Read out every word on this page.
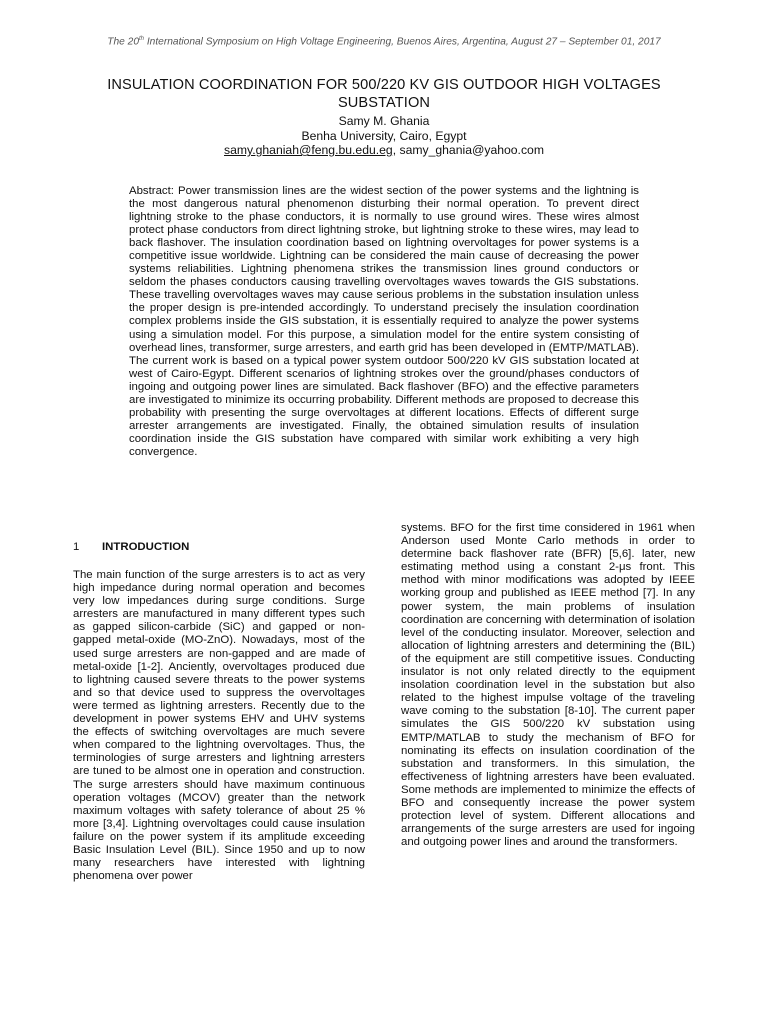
The 20th International Symposium on High Voltage Engineering, Buenos Aires, Argentina, August 27 – September 01, 2017
INSULATION COORDINATION FOR 500/220 KV GIS OUTDOOR HIGH VOLTAGES SUBSTATION
Samy M. Ghania
Benha University, Cairo, Egypt
samy.ghaniah@feng.bu.edu.eg, samy_ghania@yahoo.com
Abstract: Power transmission lines are the widest section of the power systems and the lightning is the most dangerous natural phenomenon disturbing their normal operation. To prevent direct lightning stroke to the phase conductors, it is normally to use ground wires. These wires almost protect phase conductors from direct lightning stroke, but lightning stroke to these wires, may lead to back flashover. The insulation coordination based on lightning overvoltages for power systems is a competitive issue worldwide. Lightning can be considered the main cause of decreasing the power systems reliabilities. Lightning phenomena strikes the transmission lines ground conductors or seldom the phases conductors causing travelling overvoltages waves towards the GIS substations. These travelling overvoltages waves may cause serious problems in the substation insulation unless the proper design is pre-intended accordingly. To understand precisely the insulation coordination complex problems inside the GIS substation, it is essentially required to analyze the power systems using a simulation model. For this purpose, a simulation model for the entire system consisting of overhead lines, transformer, surge arresters, and earth grid has been developed in (EMTP/MATLAB). The current work is based on a typical power system outdoor 500/220 kV GIS substation located at west of Cairo-Egypt. Different scenarios of lightning strokes over the ground/phases conductors of ingoing and outgoing power lines are simulated. Back flashover (BFO) and the effective parameters are investigated to minimize its occurring probability. Different methods are proposed to decrease this probability with presenting the surge overvoltages at different locations. Effects of different surge arrester arrangements are investigated. Finally, the obtained simulation results of insulation coordination inside the GIS substation have compared with similar work exhibiting a very high convergence.
1 INTRODUCTION
The main function of the surge arresters is to act as very high impedance during normal operation and becomes very low impedances during surge conditions. Surge arresters are manufactured in many different types such as gapped silicon-carbide (SiC) and gapped or non-gapped metal-oxide (MO-ZnO). Nowadays, most of the used surge arresters are non-gapped and are made of metal-oxide [1-2]. Anciently, overvoltages produced due to lightning caused severe threats to the power systems and so that device used to suppress the overvoltages were termed as lightning arresters. Recently due to the development in power systems EHV and UHV systems the effects of switching overvoltages are much severe when compared to the lightning overvoltages. Thus, the terminologies of surge arresters and lightning arresters are tuned to be almost one in operation and construction. The surge arresters should have maximum continuous operation voltages (MCOV) greater than the network maximum voltages with safety tolerance of about 25 % more [3,4]. Lightning overvoltages could cause insulation failure on the power system if its amplitude exceeding Basic Insulation Level (BIL). Since 1950 and up to now many researchers have interested with lightning phenomena over power
systems. BFO for the first time considered in 1961 when Anderson used Monte Carlo methods in order to determine back flashover rate (BFR) [5,6]. later, new estimating method using a constant 2-μs front. This method with minor modifications was adopted by IEEE working group and published as IEEE method [7]. In any power system, the main problems of insulation coordination are concerning with determination of isolation level of the conducting insulator. Moreover, selection and allocation of lightning arresters and determining the (BIL) of the equipment are still competitive issues. Conducting insulator is not only related directly to the equipment insolation coordination level in the substation but also related to the highest impulse voltage of the traveling wave coming to the substation [8-10]. The current paper simulates the GIS 500/220 kV substation using EMTP/MATLAB to study the mechanism of BFO for nominating its effects on insulation coordination of the substation and transformers. In this simulation, the effectiveness of lightning arresters have been evaluated. Some methods are implemented to minimize the effects of BFO and consequently increase the power system protection level of system. Different allocations and arrangements of the surge arresters are used for ingoing and outgoing power lines and around the transformers.
